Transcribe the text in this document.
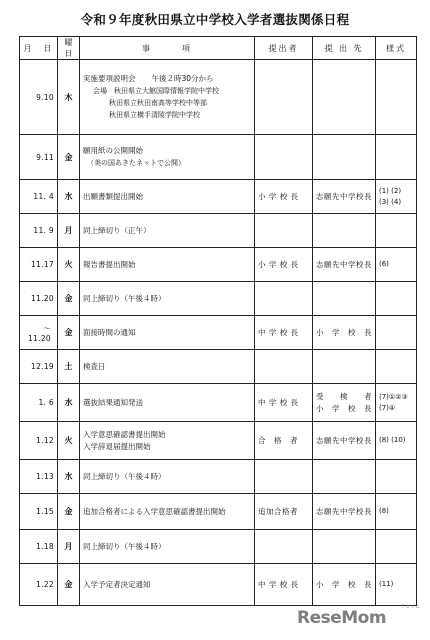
令和９年度秋田県立中学校入学者選抜関係日程
月　日	曜日	事　　　項	提出者	提 出 先	様式
9.10	木	実施要項説明会 午後２時30分から
会場　 秋田県立大館国際情報学院中学校
秋田県立秋田南高等学校中等部
秋田県立横手清陵学院中学校			

9.11	金	願用紙の公開開始
（美の国あきたネットで公開）			

11. 4	水	出願書類提出開始	小 学 校 長	志願先中学校長	(1) (2) (3) (4)
11. 9	月	同上締切り（正午）			
11.17	火	報告書提出開始	小 学 校 長	志願先中学校長	(6)
11.20	金	同上締切り（午後４時）			
～11.20	金	面接時間の通知	中 学 校 長	小　学　校　長	
12.19	土	検査日			
1. 6	水	選抜結果通知発送	中 学 校 長	受　　検　　者
小　学　校　長	(7)①②③ (7)④
1.12	火	入学意思確認書提出開始
入学辞退届提出開始	合　格　者	志願先中学校長	(8) (10)
1.13	水	同上締切り（午後４時）			
1.15	金	追加合格者による入学意思確認書提出開始	追加合格者	志願先中学校長	(8)
1.18	月	同上締切り（午後４時）			
1.22	金	入学予定者決定通知	中 学 校 長	小　学　校　長	(11)
ReseMom
リセマム
